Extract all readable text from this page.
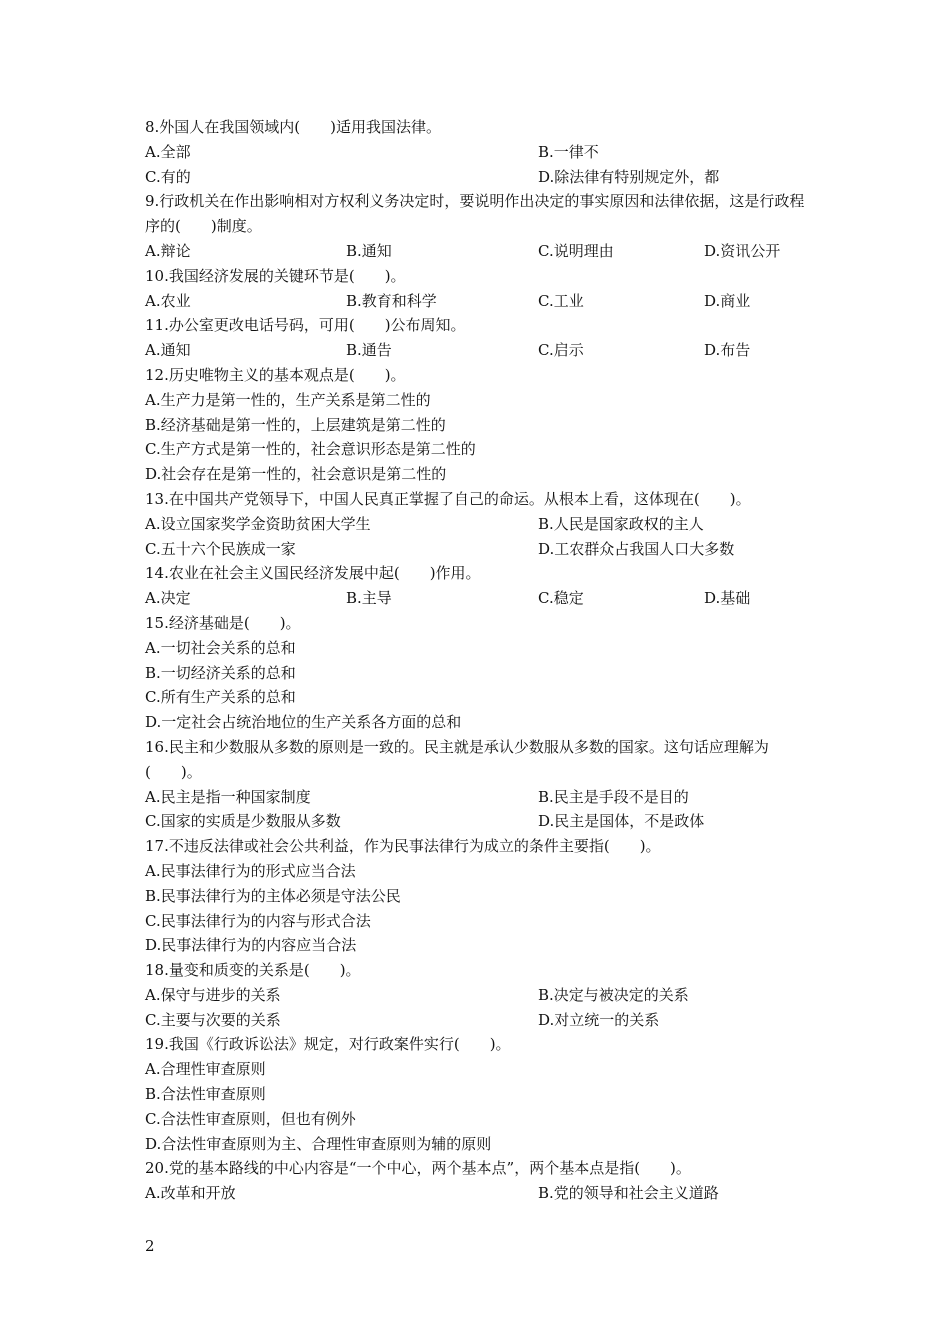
8.外国人在我国领域内(　　)适用我国法律。
A.全部	B.一律不
C.有的	D.除法律有特别规定外，都
9.行政机关在作出影响相对方权利义务决定时，要说明作出决定的事实原因和法律依据，这是行政程序的(　　)制度。
A.辩论	B.通知	C.说明理由	D.资讯公开
10.我国经济发展的关键环节是(　　)。
A.农业	B.教育和科学	C.工业	D.商业
11.办公室更改电话号码，可用(　　)公布周知。
A.通知	B.通告	C.启示	D.布告
12.历史唯物主义的基本观点是(　　)。
A.生产力是第一性的，生产关系是第二性的
B.经济基础是第一性的，上层建筑是第二性的
C.生产方式是第一性的，社会意识形态是第二性的
D.社会存在是第一性的，社会意识是第二性的
13.在中国共产党领导下，中国人民真正掌握了自己的命运。从根本上看，这体现在(　　)。
A.设立国家奖学金资助贫困大学生	B.人民是国家政权的主人
C.五十六个民族成一家	D.工农群众占我国人口大多数
14.农业在社会主义国民经济发展中起(　　)作用。
A.决定	B.主导	C.稳定	D.基础
15.经济基础是(　　)。
A.一切社会关系的总和
B.一切经济关系的总和
C.所有生产关系的总和
D.一定社会占统治地位的生产关系各方面的总和
16.民主和少数服从多数的原则是一致的。民主就是承认少数服从多数的国家。这句话应理解为(　　)。
A.民主是指一种国家制度	B.民主是手段不是目的
C.国家的实质是少数服从多数	D.民主是国体，不是政体
17.不违反法律或社会公共利益，作为民事法律行为成立的条件主要指(　　)。
A.民事法律行为的形式应当合法
B.民事法律行为的主体必须是守法公民
C.民事法律行为的内容与形式合法
D.民事法律行为的内容应当合法
18.量变和质变的关系是(　　)。
A.保守与进步的关系	B.决定与被决定的关系
C.主要与次要的关系	D.对立统一的关系
19.我国《行政诉讼法》规定，对行政案件实行(　　)。
A.合理性审查原则
B.合法性审查原则
C.合法性审查原则，但也有例外
D.合法性审查原则为主、合理性审查原则为辅的原则
20.党的基本路线的中心内容是“一个中心，两个基本点”，两个基本点是指(　　)。
A.改革和开放	B.党的领导和社会主义道路
2
